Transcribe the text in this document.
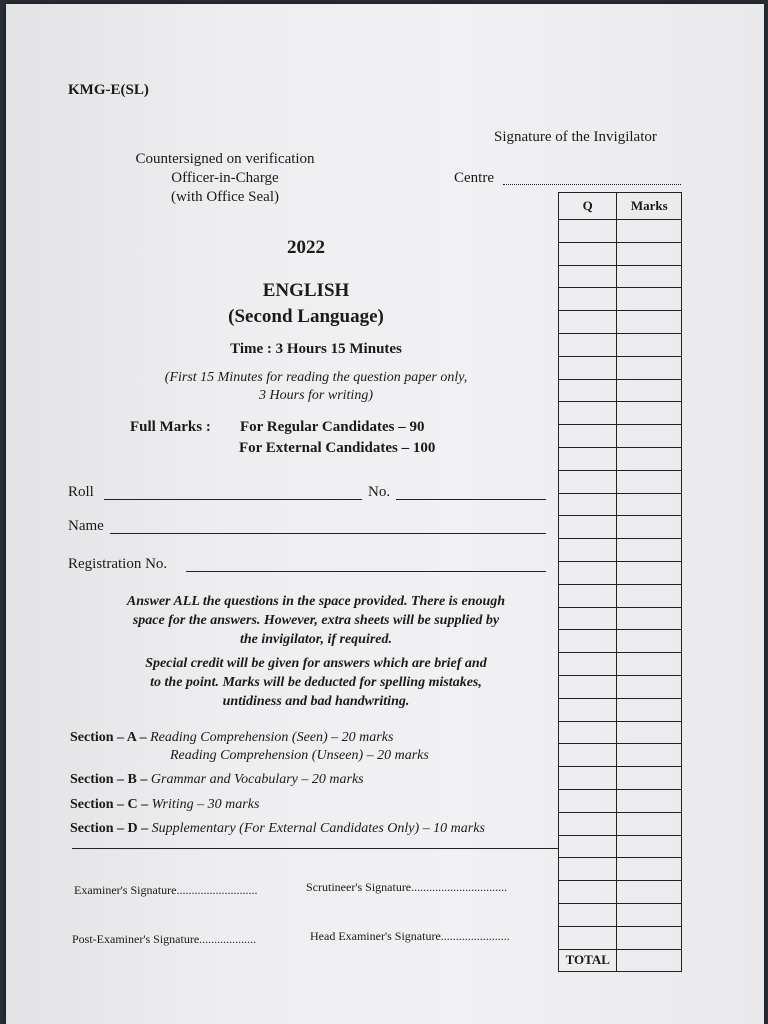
KMG-E(SL)
Signature of the Invigilator
Countersigned on verification
Officer-in-Charge
(with Office Seal)
Centre
2022
ENGLISH
(Second Language)
Time : 3 Hours 15 Minutes
(First 15 Minutes for reading the question paper only,
3 Hours for writing)
Full Marks : For Regular Candidates – 90
For External Candidates – 100
Roll	No.
Name
Registration No.
Answer ALL the questions in the space provided. There is enough
space for the answers. However, extra sheets will be supplied by
the invigilator, if required.
Special credit will be given for answers which are brief and
to the point. Marks will be deducted for spelling mistakes,
untidiness and bad handwriting.
Section – A – Reading Comprehension (Seen) – 20 marks
Reading Comprehension (Unseen) – 20 marks
Section – B – Grammar and Vocabulary – 20 marks
Section – C – Writing – 30 marks
Section – D – Supplementary (For External Candidates Only) – 10 marks
Examiner's Signature...........................	Scrutineer's Signature................................
Post-Examiner's Signature...................	Head Examiner's Signature.......................
Q	Marks

TOTAL	
